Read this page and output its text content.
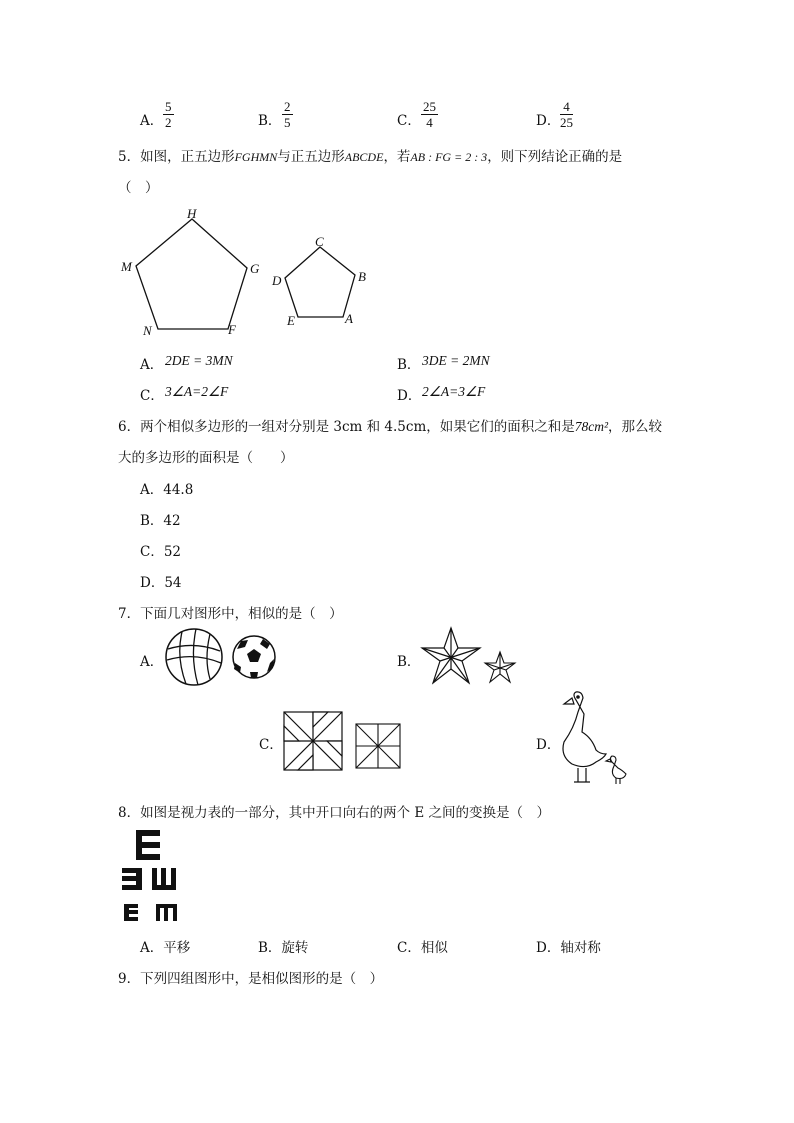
A． $\frac{5}{2}$	B． $\frac{2}{5}$	C． $\frac{25}{4}$	D． $\frac{4}{25}$
5．如图，正五边形FGHMN与正五边形ABCDE，若AB : FG = 2 : 3，则下列结论正确的是
（　）
H
G
M
N	F
C
B
D
E	A
A． 2DE = 3MN	B． 3DE = 2MN
C． 3∠A=2∠F	D． 2∠A=3∠F
6．两个相似多边形的一组对分别是 3cm 和 4.5cm，如果它们的面积之和是78cm²，那么较
大的多边形的面积是（　　）
A．44.8
B．42
C．52
D．54
7．下面几对图形中，相似的是（　）
A．	B．
C．	D．
8．如图是视力表的一部分，其中开口向右的两个 E 之间的变换是（　）
A．平移	B．旋转	C．相似	D．轴对称
9．下列四组图形中，是相似图形的是（　）
